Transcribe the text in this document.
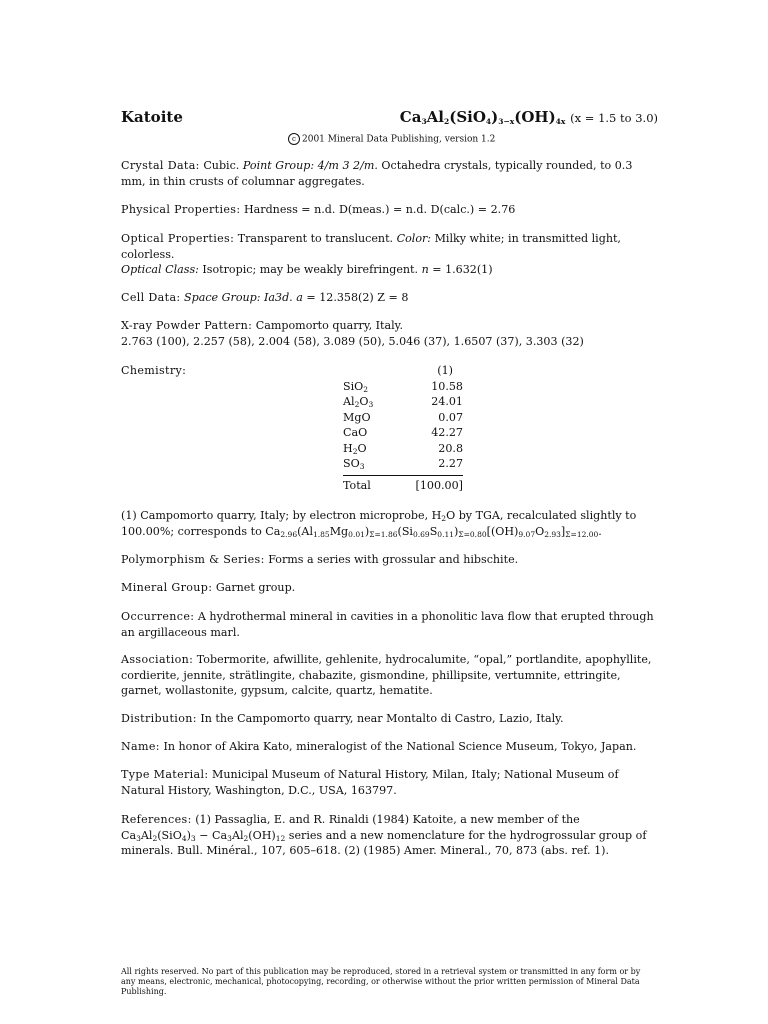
Katoite	$Ca_3Al_2(SiO_4)_{3-x}(OH)_{4x}$ (x = 1.5 to 3.0)
c 2001 Mineral Data Publishing, version 1.2
Crystal Data: Cubic. Point Group: 4/m 3 2/m. Octahedra crystals, typically rounded, to 0.3 mm, in thin crusts of columnar aggregates.
Physical Properties: Hardness = n.d. D(meas.) = n.d. D(calc.) = 2.76
Optical Properties: Transparent to translucent. Color: Milky white; in transmitted light, colorless.
Optical Class: Isotropic; may be weakly birefringent. n = 1.632(1)
Cell Data: Space Group: Ia3d. a = 12.358(2) Z = 8
X-ray Powder Pattern: Campomorto quarry, Italy.
2.763 (100), 2.257 (58), 2.004 (58), 3.089 (50), 5.046 (37), 1.6507 (37), 3.303 (32)
Chemistry:	(1)
SiO$_2$	10.58
$Al_2O_3$	24.01
MgO	0.07
CaO	42.27
$H_2O$	20.8
$SO_3$	2.27
Total	[100.00]
(1) Campomorto quarry, Italy; by electron microprobe, $H_2O$ by TGA, recalculated slightly to 100.00%; corresponds to $Ca_{2.96}(Al_{1.85}Mg_{0.01})_{\Sigma=1.86}(Si_{0.69}S_{0.11})_{\Sigma=0.80}[(OH)_{9.07}O_{2.93}]_{\Sigma=12.00}$.
Polymorphism & Series: Forms a series with grossular and hibschite.
Mineral Group: Garnet group.
Occurrence: A hydrothermal mineral in cavities in a phonolitic lava flow that erupted through an argillaceous marl.
Association: Tobermorite, afwillite, gehlenite, hydrocalumite, “opal,” portlandite, apophyllite, cordierite, jennite, strätlingite, chabazite, gismondine, phillipsite, vertumnite, ettringite, garnet, wollastonite, gypsum, calcite, quartz, hematite.
Distribution: In the Campomorto quarry, near Montalto di Castro, Lazio, Italy.
Name: In honor of Akira Kato, mineralogist of the National Science Museum, Tokyo, Japan.
Type Material: Municipal Museum of Natural History, Milan, Italy; National Museum of Natural History, Washington, D.C., USA, 163797.
References: (1) Passaglia, E. and R. Rinaldi (1984) Katoite, a new member of the
$Ca_3Al_2(SiO_4)_3 - Ca_3Al_2(OH)_{12}$ series and a new nomenclature for the hydrogrossular group of minerals. Bull. Minéral., 107, 605–618. (2) (1985) Amer. Mineral., 70, 873 (abs. ref. 1).
All rights reserved. No part of this publication may be reproduced, stored in a retrieval system or transmitted in any form or by any means, electronic, mechanical, photocopying, recording, or otherwise without the prior written permission of Mineral Data Publishing.
